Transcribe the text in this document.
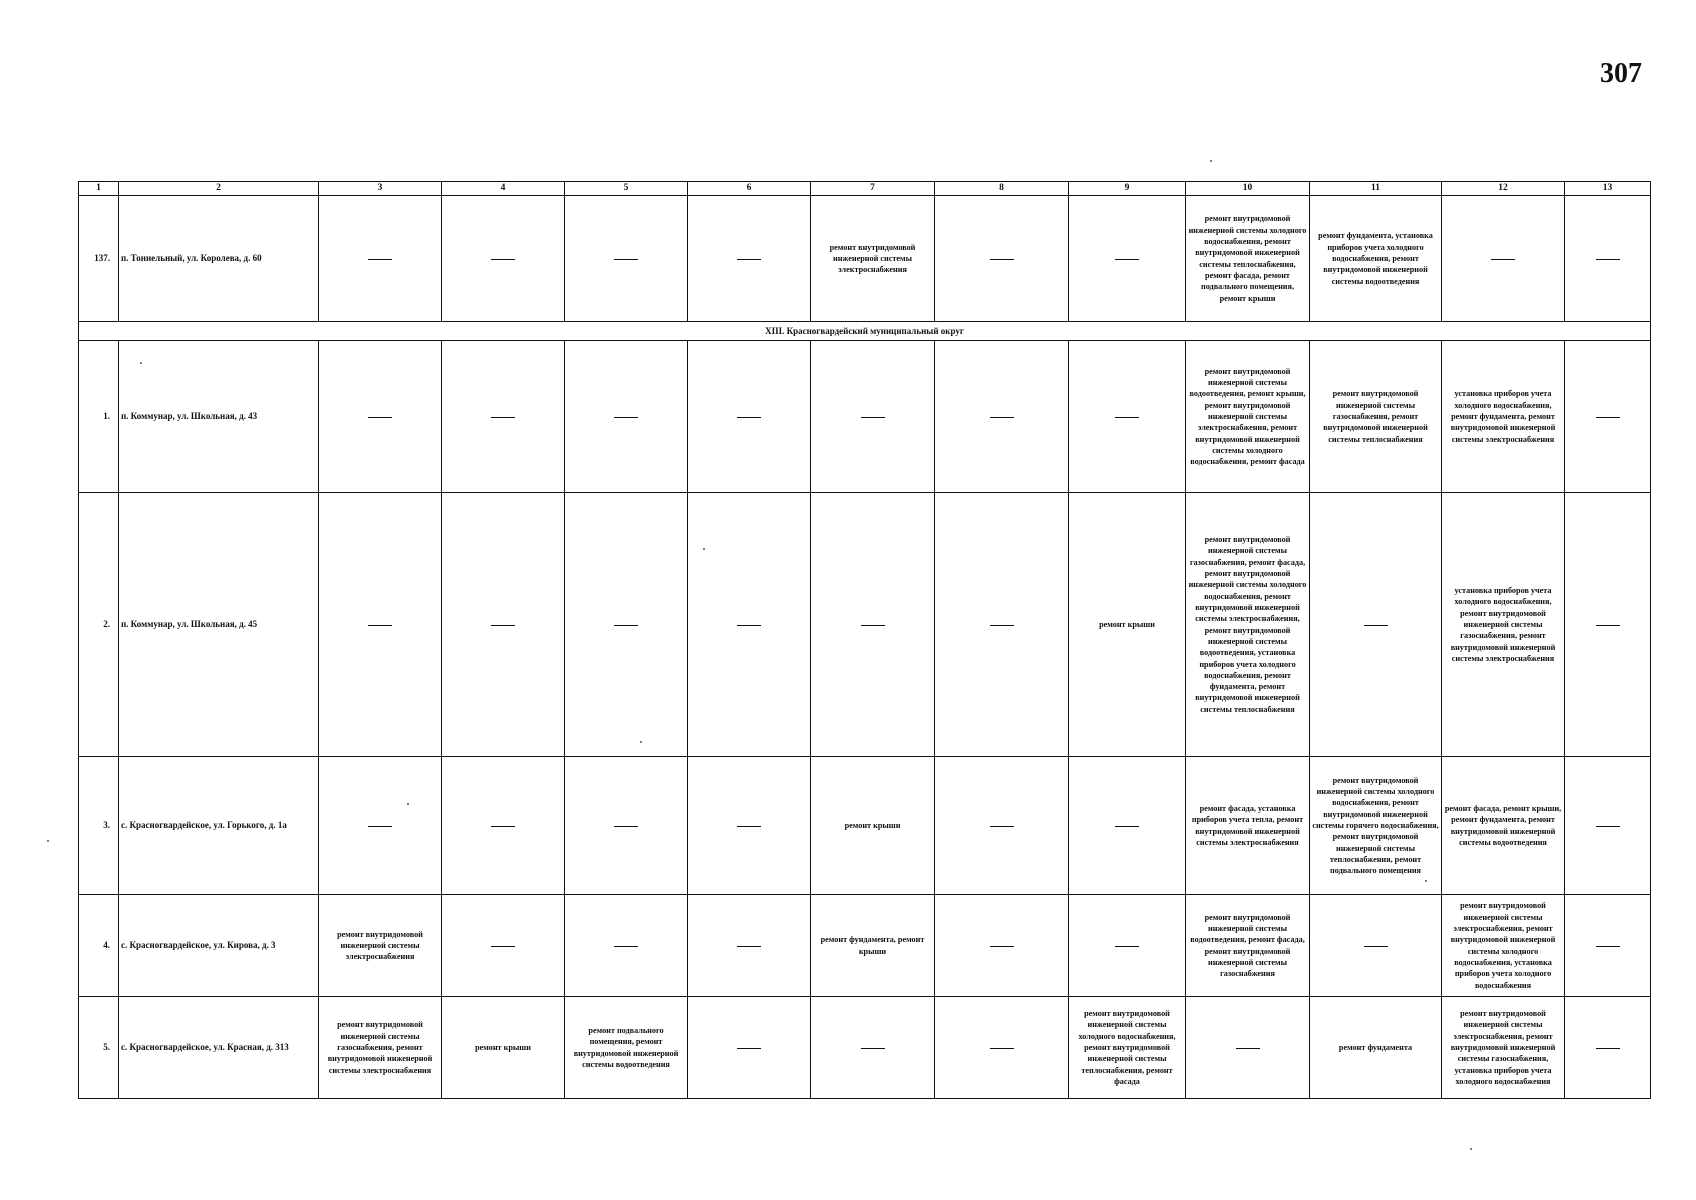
307
1	2	3	4	5	6	7	8	9	10	11	12	13
137.	п. Тоннельный, ул. Королева, д. 60					ремонт внутридомовой инженерной системы электроснабжения			ремонт внутридомовой инженерной системы холодного водоснабжения, ремонт внутридомовой инженерной системы теплоснабжения, ремонт фасада, ремонт подвального помещения, ремонт крыши	ремонт фундамента, установка приборов учета холодного водоснабжения, ремонт внутридомовой инженерной системы водоотведения		
XIII. Красногвардейский муниципальный округ												
1.	п. Коммунар, ул. Школьная, д. 43								ремонт внутридомовой инженерной системы водоотведения, ремонт крыши, ремонт внутридомовой инженерной системы электроснабжения, ремонт внутридомовой инженерной системы холодного водоснабжения, ремонт фасада	ремонт внутридомовой инженерной системы газоснабжения, ремонт внутридомовой инженерной системы теплоснабжения	установка приборов учета холодного водоснабжения, ремонт фундамента, ремонт внутридомовой инженерной системы электроснабжения	
2.	п. Коммунар, ул. Школьная, д. 45							ремонт крыши	ремонт внутридомовой инженерной системы газоснабжения, ремонт фасада, ремонт внутридомовой инженерной системы холодного водоснабжения, ремонт внутридомовой инженерной системы электроснабжения, ремонт внутридомовой инженерной системы водоотведения, установка приборов учета холодного водоснабжения, ремонт фундамента, ремонт внутридомовой инженерной системы теплоснабжения		установка приборов учета холодного водоснабжения, ремонт внутридомовой инженерной системы газоснабжения, ремонт внутридомовой инженерной системы электроснабжения	
3.	с. Красногвардейское, ул. Горького, д. 1а					ремонт крыши			ремонт фасада, установка приборов учета тепла, ремонт внутридомовой инженерной системы электроснабжения	ремонт внутридомовой инженерной системы холодного водоснабжения, ремонт внутридомовой инженерной системы горячего водоснабжения, ремонт внутридомовой инженерной системы теплоснабжения, ремонт подвального помещения	ремонт фасада, ремонт крыши, ремонт фундамента, ремонт внутридомовой инженерной системы водоотведения	
4.	с. Красногвардейское, ул. Кирова, д. 3	ремонт внутридомовой инженерной системы электроснабжения				ремонт фундамента, ремонт крыши			ремонт внутридомовой инженерной системы водоотведения, ремонт фасада, ремонт внутридомовой инженерной системы газоснабжения		ремонт внутридомовой инженерной системы электроснабжения, ремонт внутридомовой инженерной системы холодного водоснабжения, установка приборов учета холодного водоснабжения	
5.	с. Красногвардейское, ул. Красная, д. 313	ремонт внутридомовой инженерной системы газоснабжения, ремонт внутридомовой инженерной системы электроснабжения	ремонт крыши	ремонт подвального помещения, ремонт внутридомовой инженерной системы водоотведения				ремонт внутридомовой инженерной системы холодного водоснабжения, ремонт внутридомовой инженерной системы теплоснабжения, ремонт фасада		ремонт фундамента	ремонт внутридомовой инженерной системы электроснабжения, ремонт внутридомовой инженерной системы газоснабжения, установка приборов учета холодного водоснабжения	
